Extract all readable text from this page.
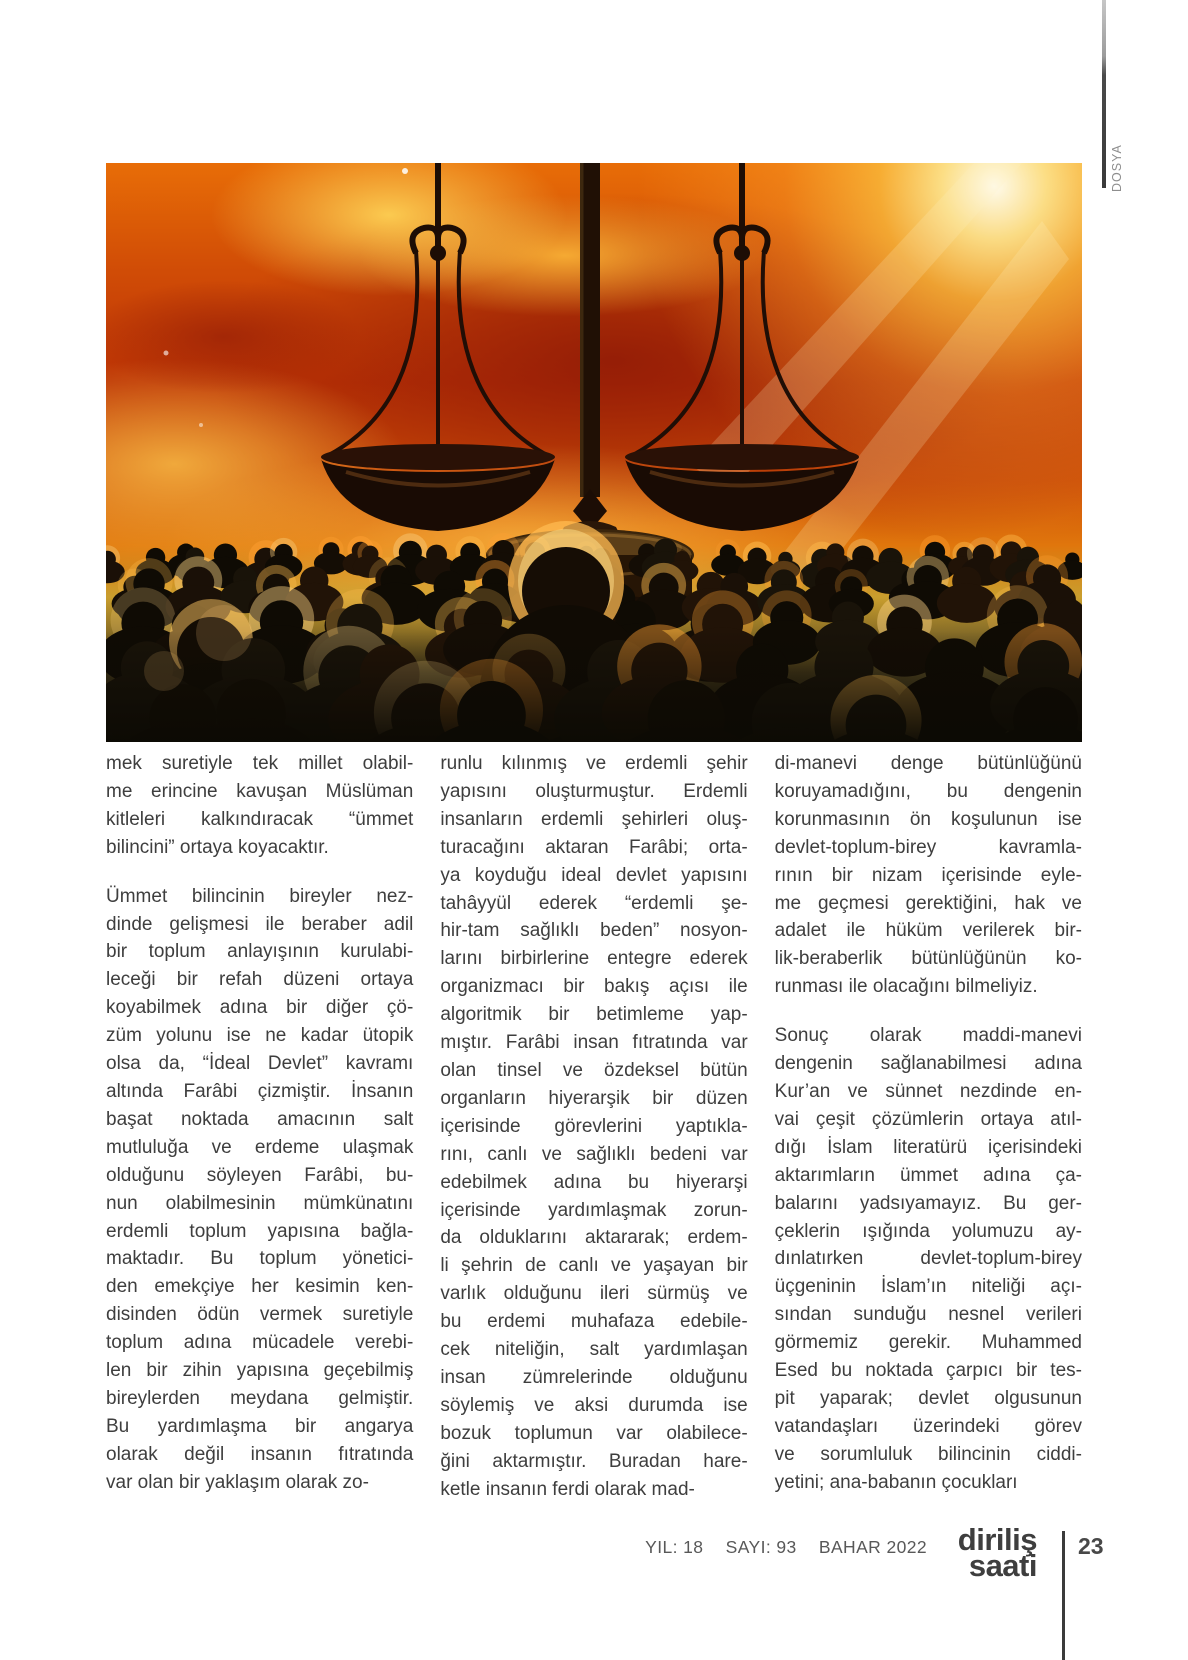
DOSYA
mek suretiyle tek millet olabil-
me erincine kavuşan Müslüman
kitleleri kalkındıracak “ümmet
bilincini” ortaya koyacaktır.
Ümmet bilincinin bireyler nez-
dinde gelişmesi ile beraber adil
bir toplum anlayışının kurulabi-
leceği bir refah düzeni ortaya
koyabilmek adına bir diğer çö-
züm yolunu ise ne kadar ütopik
olsa da, “İdeal Devlet” kavramı
altında Farâbi çizmiştir. İnsanın
başat noktada amacının salt
mutluluğa ve erdeme ulaşmak
olduğunu söyleyen Farâbi, bu-
nun olabilmesinin mümkünatını
erdemli toplum yapısına bağla-
maktadır. Bu toplum yönetici-
den emekçiye her kesimin ken-
disinden ödün vermek suretiyle
toplum adına mücadele verebi-
len bir zihin yapısına geçebilmiş
bireylerden meydana gelmiştir.
Bu yardımlaşma bir angarya
olarak değil insanın fıtratında
var olan bir yaklaşım olarak zo-
runlu kılınmış ve erdemli şehir
yapısını oluşturmuştur. Erdemli
insanların erdemli şehirleri oluş-
turacağını aktaran Farâbi; orta-
ya koyduğu ideal devlet yapısını
tahâyyül ederek “erdemli şe-
hir-tam sağlıklı beden” nosyon-
larını birbirlerine entegre ederek
organizmacı bir bakış açısı ile
algoritmik bir betimleme yap-
mıştır. Farâbi insan fıtratında var
olan tinsel ve özdeksel bütün
organların hiyerarşik bir düzen
içerisinde görevlerini yaptıkla-
rını, canlı ve sağlıklı bedeni var
edebilmek adına bu hiyerarşi
içerisinde yardımlaşmak zorun-
da olduklarını aktararak; erdem-
li şehrin de canlı ve yaşayan bir
varlık olduğunu ileri sürmüş ve
bu erdemi muhafaza edebile-
cek niteliğin, salt yardımlaşan
insan zümrelerinde olduğunu
söylemiş ve aksi durumda ise
bozuk toplumun var olabilece-
ğini aktarmıştır. Buradan hare-
ketle insanın ferdi olarak mad-
di-manevi denge bütünlüğünü
koruyamadığını, bu dengenin
korunmasının ön koşulunun ise
devlet-toplum-birey kavramla-
rının bir nizam içerisinde eyle-
me geçmesi gerektiğini, hak ve
adalet ile hüküm verilerek bir-
lik-beraberlik bütünlüğünün ko-
runması ile olacağını bilmeliyiz.
Sonuç olarak maddi-manevi
dengenin sağlanabilmesi adına
Kur’an ve sünnet nezdinde en-
vai çeşit çözümlerin ortaya atıl-
dığı İslam literatürü içerisindeki
aktarımların ümmet adına ça-
balarını yadsıyamayız. Bu ger-
çeklerin ışığında yolumuzu ay-
dınlatırken devlet-toplum-birey
üçgeninin İslam’ın niteliği açı-
sından sunduğu nesnel verileri
görmemiz gerekir. Muhammed
Esed bu noktada çarpıcı bir tes-
pit yaparak; devlet olgusunun
vatandaşları üzerindeki görev
ve sorumluluk bilincinin ciddi-
yetini; ana-babanın çocukları
YIL: 18 SAYI: 93 BAHAR 2022 diriliş
saati
23
